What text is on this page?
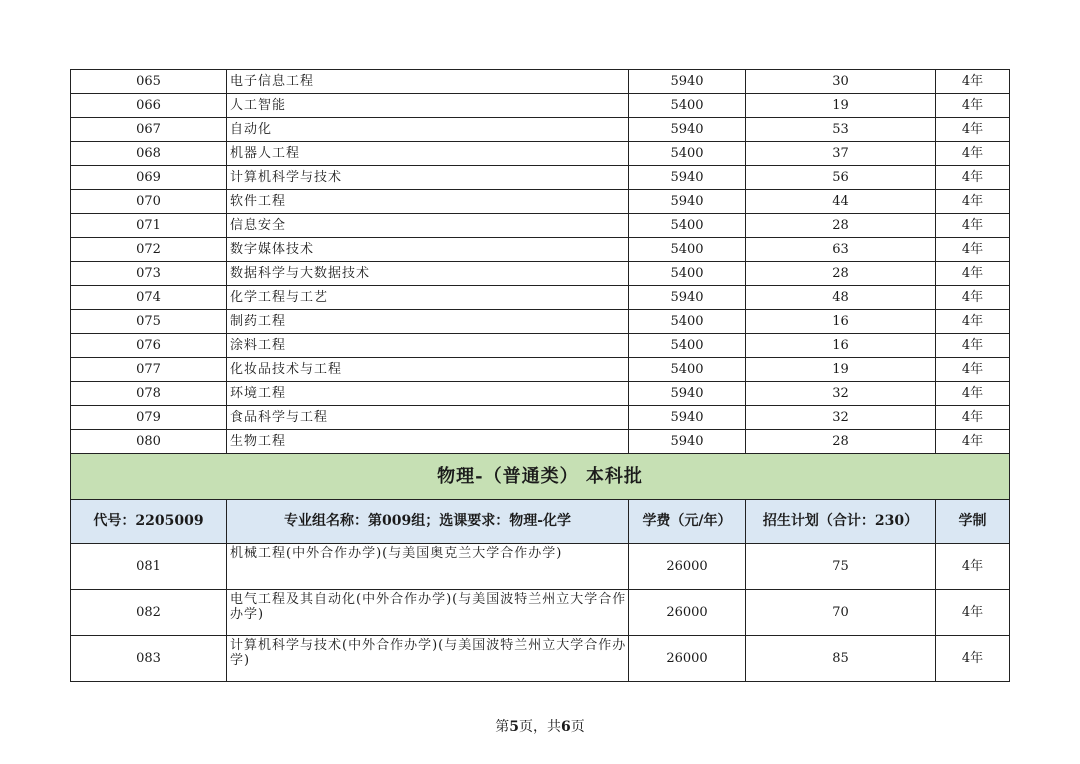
065	电子信息工程	5940	30	4年
066	人工智能	5400	19	4年
067	自动化	5940	53	4年
068	机器人工程	5400	37	4年
069	计算机科学与技术	5940	56	4年
070	软件工程	5940	44	4年
071	信息安全	5400	28	4年
072	数字媒体技术	5400	63	4年
073	数据科学与大数据技术	5400	28	4年
074	化学工程与工艺	5940	48	4年
075	制药工程	5400	16	4年
076	涂料工程	5400	16	4年
077	化妆品技术与工程	5400	19	4年
078	环境工程	5940	32	4年
079	食品科学与工程	5940	32	4年
080	生物工程	5940	28	4年
物理-（普通类） 本科批				
代号：2205009	专业组名称：第009组；选课要求：物理-化学	学费（元/年）	招生计划（合计：230）	学制
081	机械工程(中外合作办学)(与美国奥克兰大学合作办学)	26000	75	4年
082	电气工程及其自动化(中外合作办学)(与美国波特兰州立大学合作办学)	26000	70	4年
083	计算机科学与技术(中外合作办学)(与美国波特兰州立大学合作办学)	26000	85	4年
第5页，共6页
